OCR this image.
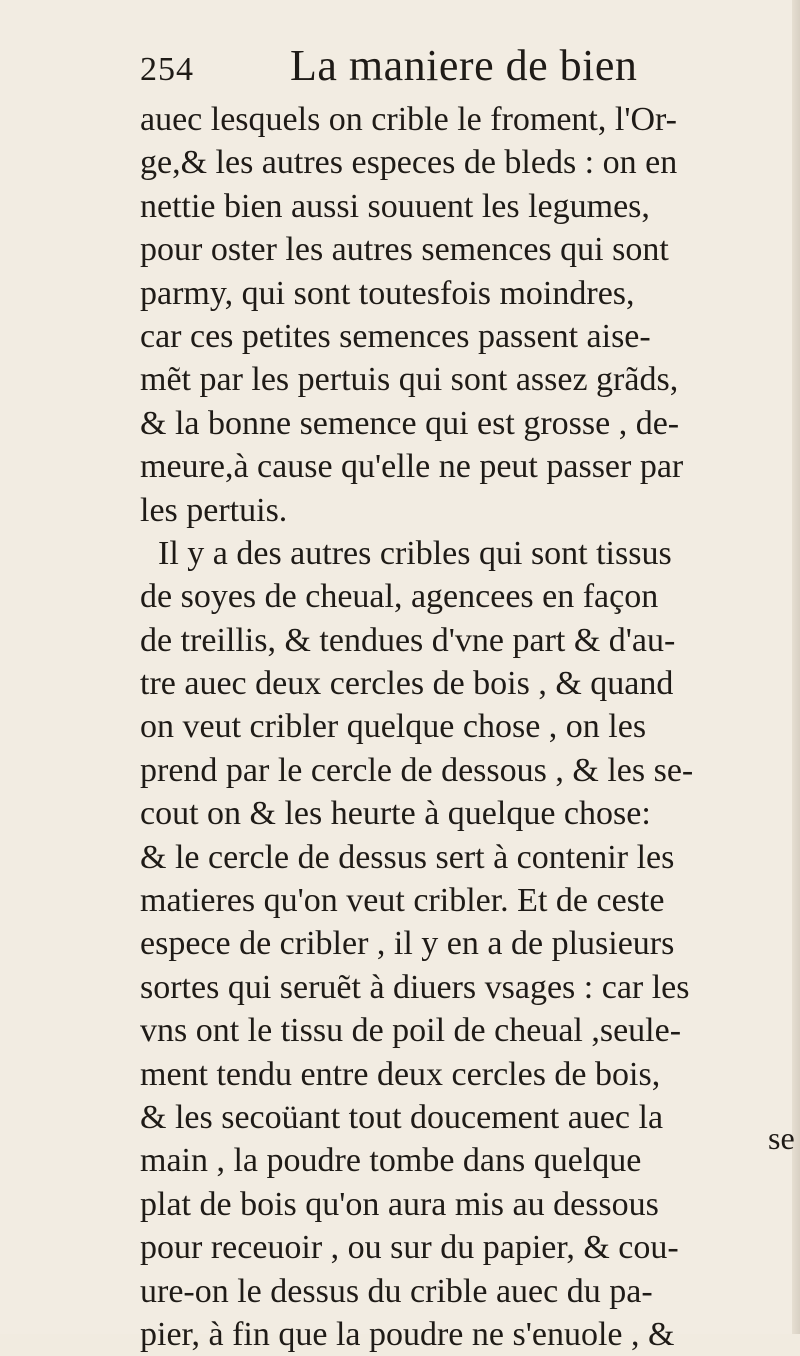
254	La maniere de bien
auec lesquels on crible le froment, l'Or-
ge,& les autres especes de bleds : on en
nettie bien aussi souuent les legumes,
pour oster les autres semences qui sont
parmy, qui sont toutesfois moindres,
car ces petites semences passent aise-
mẽt par les pertuis qui sont assez grãds,
& la bonne semence qui est grosse , de-
meure,à cause qu'elle ne peut passer par
les pertuis.
Il y a des autres cribles qui sont tissus
de soyes de cheual, agencees en façon
de treillis, & tendues d'vne part & d'au-
tre auec deux cercles de bois , & quand
on veut cribler quelque chose , on les
prend par le cercle de dessous , & les se-
cout on & les heurte à quelque chose:
& le cercle de dessus sert à contenir les
matieres qu'on veut cribler. Et de ceste
espece de cribler , il y en a de plusieurs
sortes qui seruẽt à diuers vsages : car les
vns ont le tissu de poil de cheual ,seule-
ment tendu entre deux cercles de bois,
& les secoüant tout doucement auec la
main , la poudre tombe dans quelque
plat de bois qu'on aura mis au dessous
pour receuoir , ou sur du papier, & cou-
ure-on le dessus du crible auec du pa-
pier, à fin que la poudre ne s'enuole , &
se
